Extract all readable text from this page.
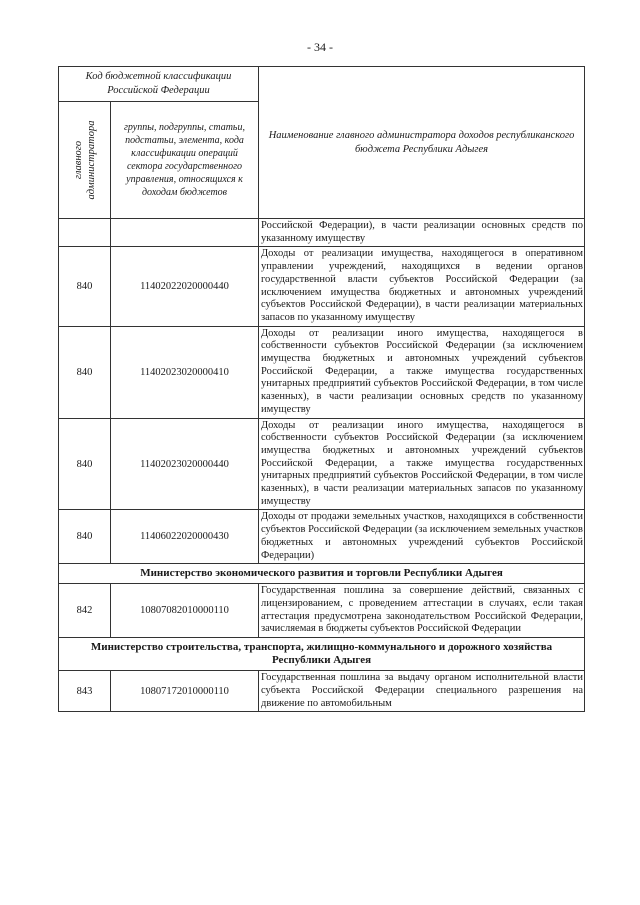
- 34 -
Код бюджетной классификации Российской Федерации		Наименование главного администратора доходов республиканского бюджета Республики Адыгея

главного администратора	группы, подгруппы, статьи, подстатьи, элемента, кода классификации операций сектора государственного управления, относящихся к доходам бюджетов	
		Российской Федерации), в части реализации основных средств по указанному имуществу
840	11402022020000440	Доходы от реализации имущества, находящегося в оперативном управлении учреждений, находящихся в ведении органов государственной власти субъектов Российской Федерации (за исключением имущества бюджетных и автономных учреждений субъектов Российской Федерации), в части реализации материальных запасов по указанному имуществу
840	11402023020000410	Доходы от реализации иного имущества, находящегося в собственности субъектов Российской Федерации (за исключением имущества бюджетных и автономных учреждений субъектов Российской Федерации, а также имущества государственных унитарных предприятий субъектов Российской Федерации, в том числе казенных), в части реализации основных средств по указанному имуществу
840	11402023020000440	Доходы от реализации иного имущества, находящегося в собственности субъектов Российской Федерации (за исключением имущества бюджетных и автономных учреждений субъектов Российской Федерации, а также имущества государственных унитарных предприятий субъектов Российской Федерации, в том числе казенных), в части реализации материальных запасов по указанному имуществу
840	11406022020000430	Доходы от продажи земельных участков, находящихся в собственности субъектов Российской Федерации (за исключением земельных участков бюджетных и автономных учреждений субъектов Российской Федерации)
Министерство экономического развития и торговли Республики Адыгея		
842	10807082010000110	Государственная пошлина за совершение действий, связанных с лицензированием, с проведением аттестации в случаях, если такая аттестация предусмотрена законодательством Российской Федерации, зачисляемая в бюджеты субъектов Российской Федерации
Министерство строительства, транспорта, жилищно-коммунального и дорожного хозяйства Республики Адыгея		
843	10807172010000110	Государственная пошлина за выдачу органом исполнительной власти субъекта Российской Федерации специального разрешения на движение по автомобильным
